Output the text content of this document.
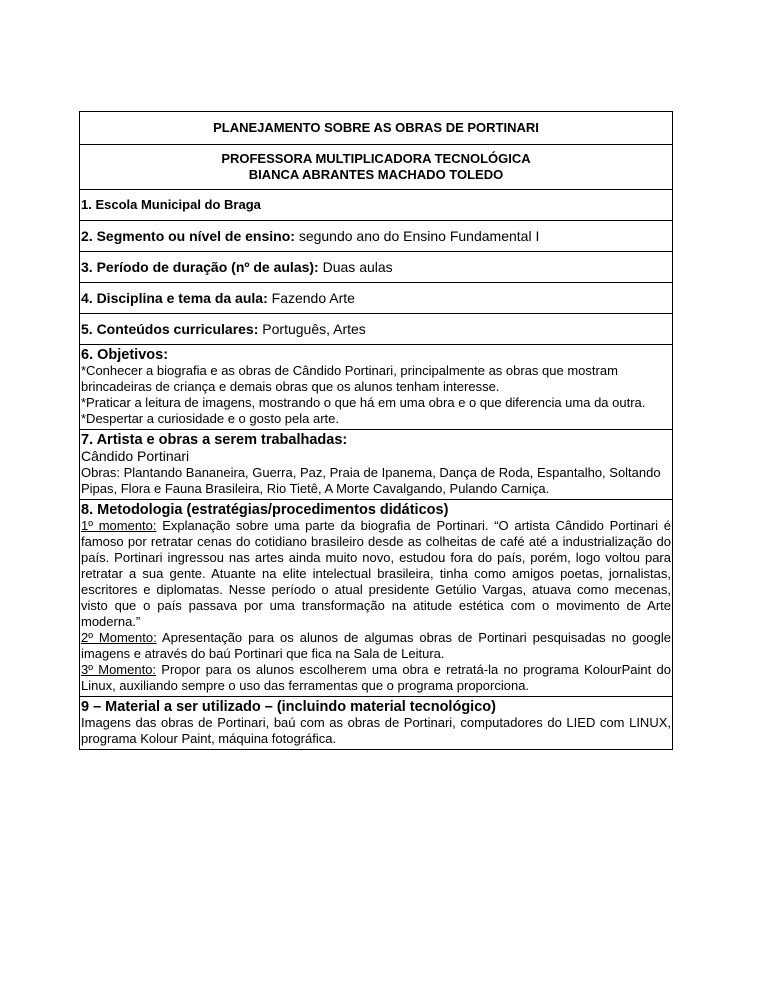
PLANEJAMENTO SOBRE AS OBRAS DE PORTINARI

PROFESSORA MULTIPLICADORA TECNOLÓGICA
BIANCA ABRANTES MACHADO TOLEDO

1. Escola Municipal do Braga
2. Segmento ou nível de ensino: segundo ano do Ensino Fundamental I
3. Período de duração (nº de aulas): Duas aulas
4. Disciplina e tema da aula: Fazendo Arte
5. Conteúdos curriculares: Português, Artes

6. Objetivos:
*Conhecer a biografia e as obras de Cândido Portinari, principalmente as obras que mostram brincadeiras de criança e demais obras que os alunos tenham interesse.
*Praticar a leitura de imagens, mostrando o que há em uma obra e o que diferencia uma da outra.
*Despertar a curiosidade e o gosto pela arte.

7. Artista e obras a serem trabalhadas:
Cândido Portinari
Obras: Plantando Bananeira, Guerra, Paz, Praia de Ipanema, Dança de Roda, Espantalho, Soltando Pipas, Flora e Fauna Brasileira, Rio Tietê, A Morte Cavalgando, Pulando Carniça.

8. Metodologia (estratégias/procedimentos didáticos)
1º momento: Explanação sobre uma parte da biografia de Portinari. “O artista Cândido Portinari é famoso por retratar cenas do cotidiano brasileiro desde as colheitas de café até a industrialização do país. Portinari ingressou nas artes ainda muito novo, estudou fora do país, porém, logo voltou para retratar a sua gente. Atuante na elite intelectual brasileira, tinha como amigos poetas, jornalistas, escritores e diplomatas. Nesse período o atual presidente Getúlio Vargas, atuava como mecenas, visto que o país passava por uma transformação na atitude estética com o movimento de Arte moderna.”
2º Momento: Apresentação para os alunos de algumas obras de Portinari pesquisadas no google imagens e através do baú Portinari que fica na Sala de Leitura.
3º Momento: Propor para os alunos escolherem uma obra e retratá-la no programa KolourPaint do Linux, auxiliando sempre o uso das ferramentas que o programa proporciona.

9 – Material a ser utilizado – (incluindo material tecnológico)
Imagens das obras de Portinari, baú com as obras de Portinari, computadores do LIED com LINUX, programa Kolour Paint, máquina fotográfica.
